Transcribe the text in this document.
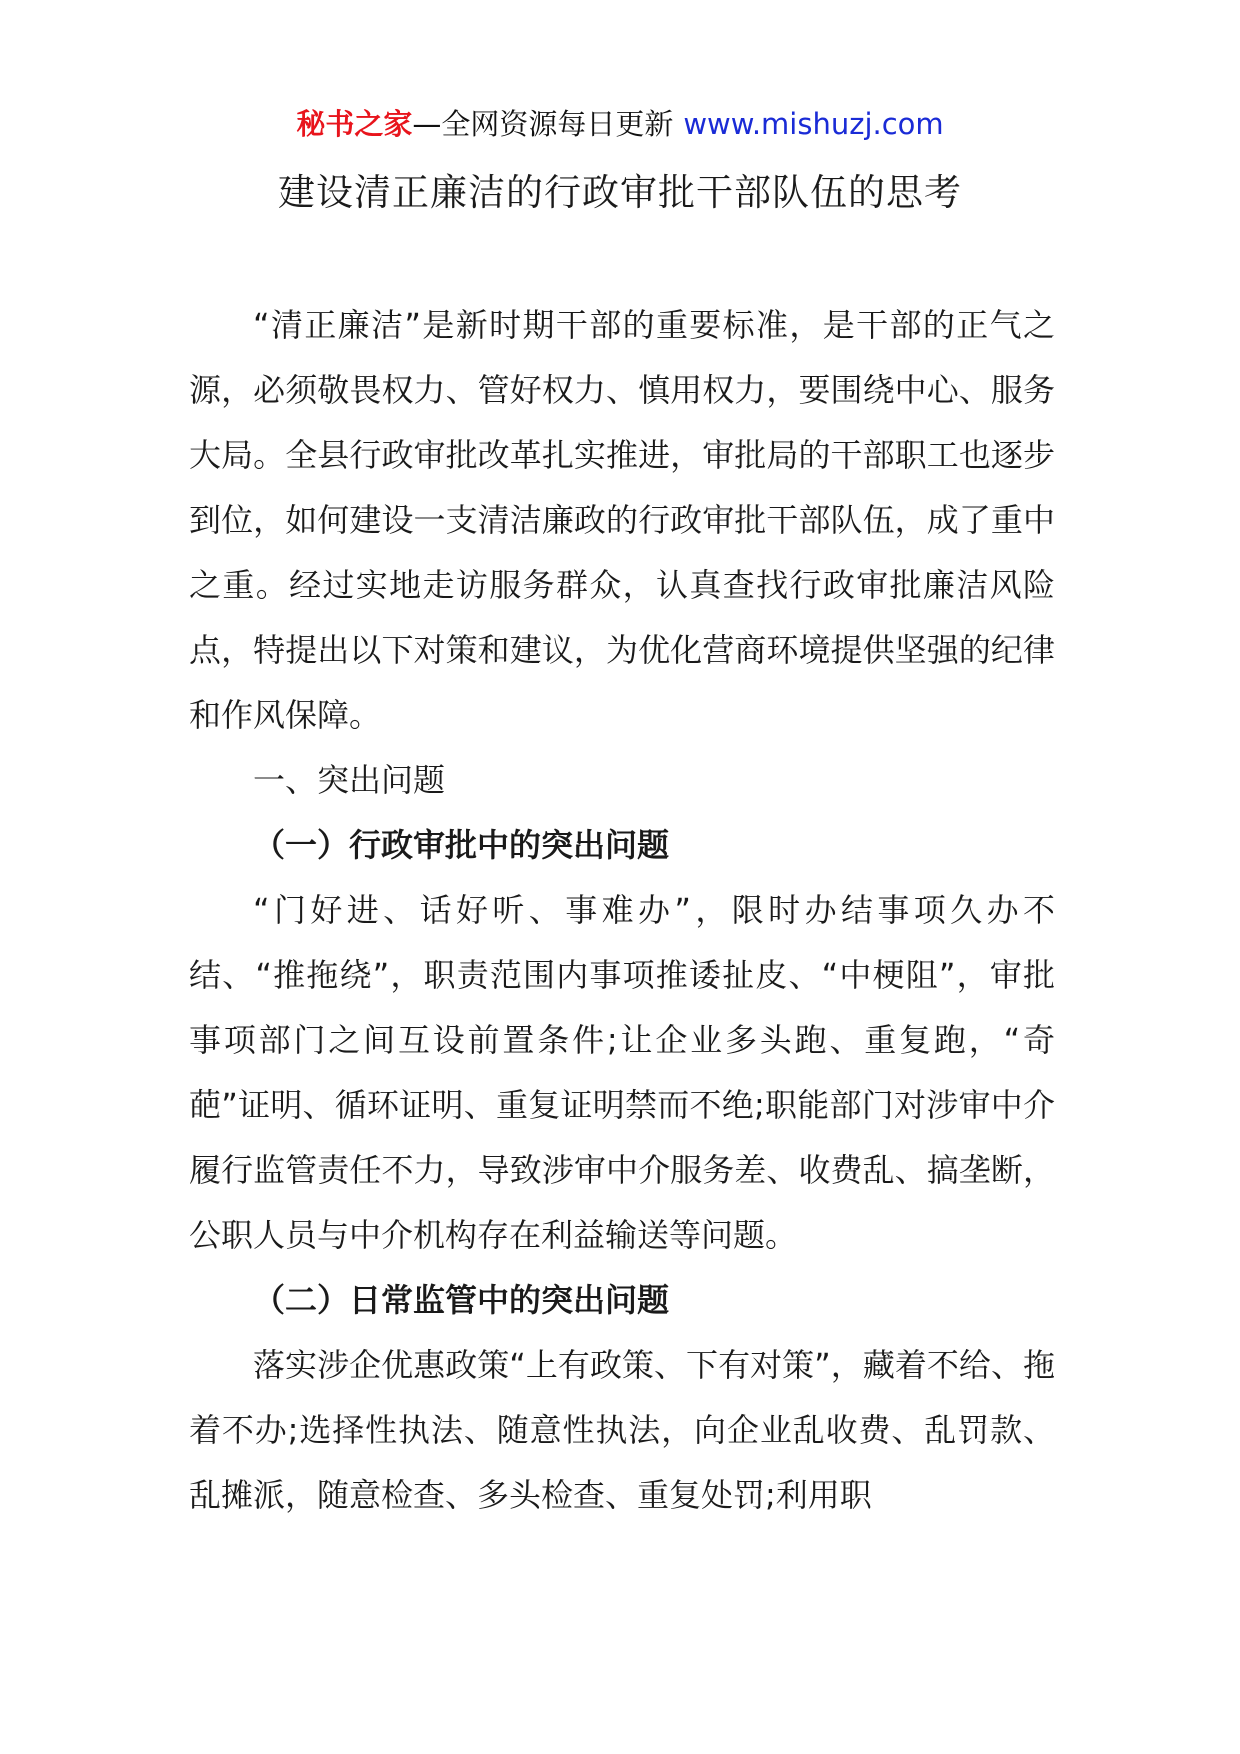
秘书之家—全网资源每日更新 www.mishuzj.com
建设清正廉洁的行政审批干部队伍的思考

“清正廉洁”是新时期干部的重要标准，是干部的正气之源，必须敬畏权力、管好权力、慎用权力，要围绕中心、服务大局。全县行政审批改革扎实推进，审批局的干部职工也逐步到位，如何建设一支清洁廉政的行政审批干部队伍，成了重中之重。经过实地走访服务群众，认真查找行政审批廉洁风险点，特提出以下对策和建议，为优化营商环境提供坚强的纪律和作风保障。

一、突出问题

（一）行政审批中的突出问题

“门好进、话好听、事难办”，限时办结事项久办不结、“推拖绕”，职责范围内事项推诿扯皮、“中梗阻”，审批事项部门之间互设前置条件;让企业多头跑、重复跑，“奇葩”证明、循环证明、重复证明禁而不绝;职能部门对涉审中介履行监管责任不力，导致涉审中介服务差、收费乱、搞垄断，公职人员与中介机构存在利益输送等问题。

（二）日常监管中的突出问题

落实涉企优惠政策“上有政策、下有对策”，藏着不给、拖着不办;选择性执法、随意性执法，向企业乱收费、乱罚款、乱摊派，随意检查、多头检查、重复处罚;利用职
